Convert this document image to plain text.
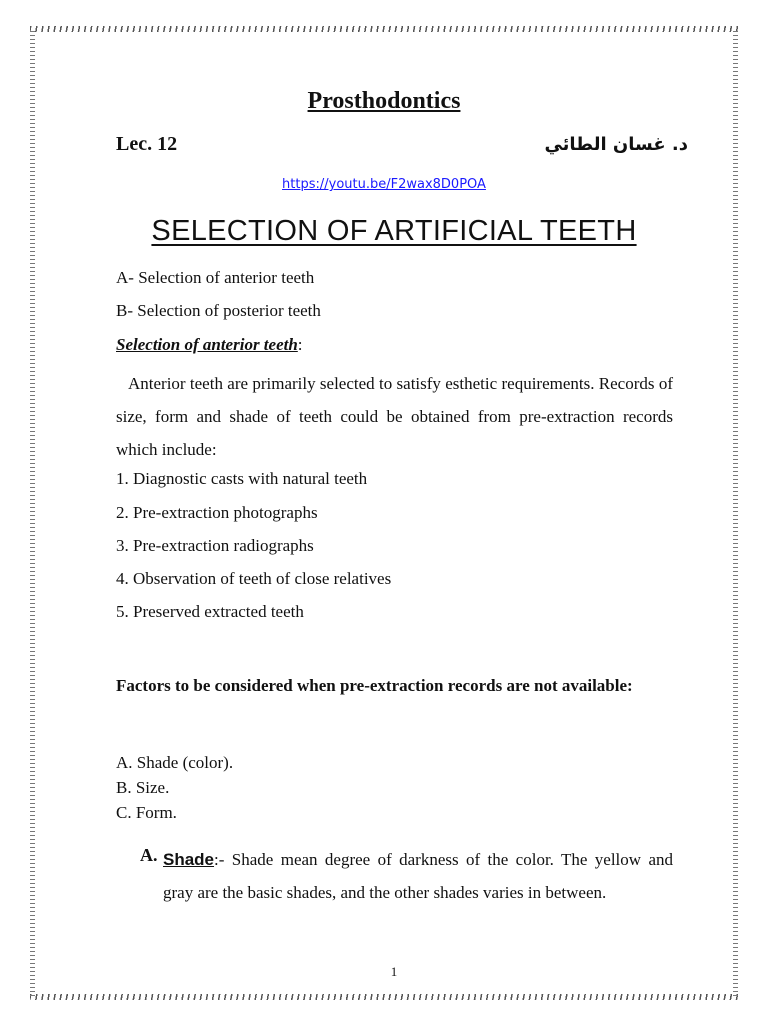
Prosthodontics
Lec. 12	د. غسان الطائي
https://youtu.be/F2wax8D0POA
SELECTION OF ARTIFICIAL TEETH
A- Selection of anterior teeth
B- Selection of posterior teeth
Selection of anterior teeth:
Anterior teeth are primarily selected to satisfy esthetic requirements. Records of size, form and shade of teeth could be obtained from pre-extraction records which include:
1. Diagnostic casts with natural teeth
2. Pre-extraction photographs
3. Pre-extraction radiographs
4. Observation of teeth of close relatives
5. Preserved extracted teeth
Factors to be considered when pre-extraction records are not available:
A. Shade (color).
B. Size.
C. Form.
A. Shade:- Shade mean degree of darkness of the color. The yellow and gray are the basic shades, and the other shades varies in between.
1
